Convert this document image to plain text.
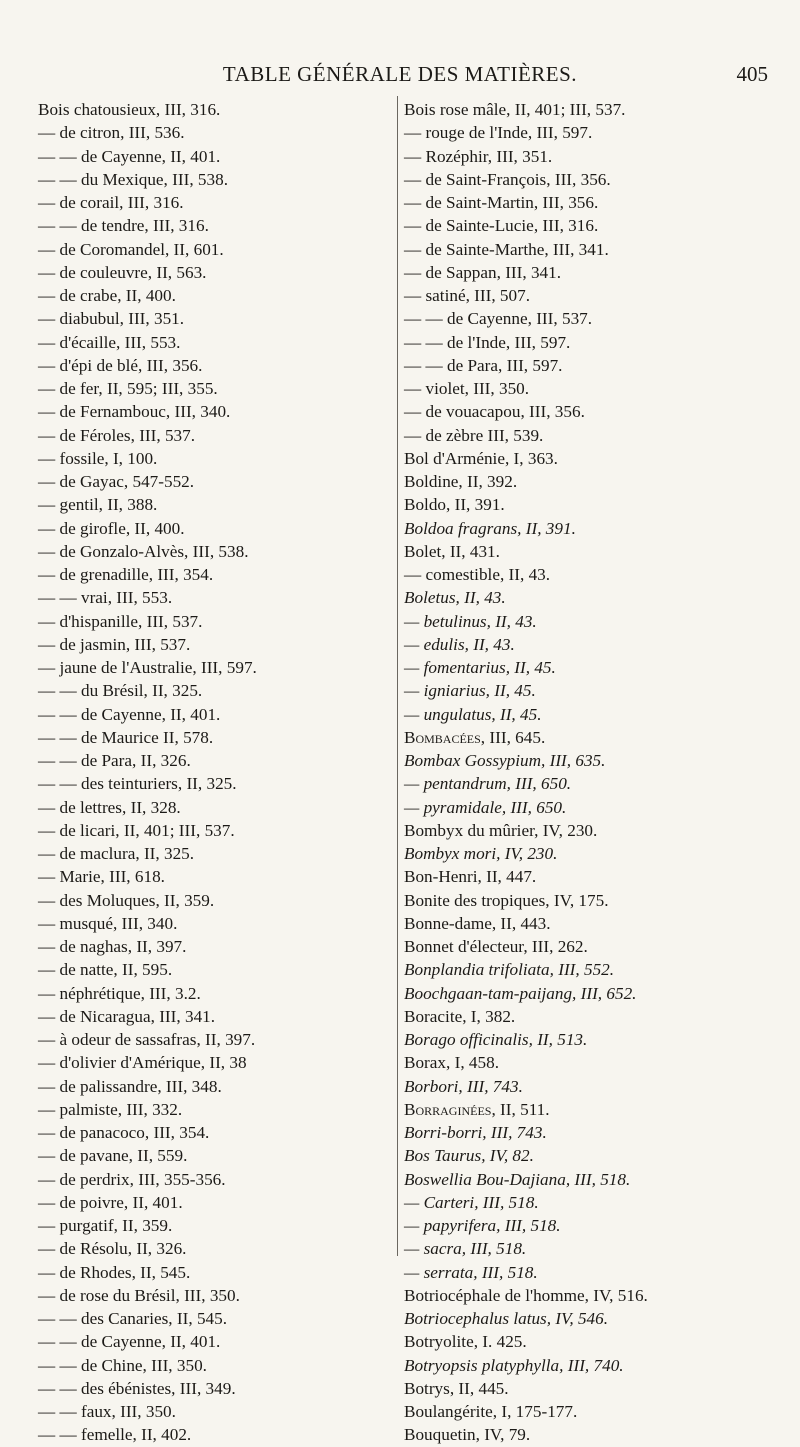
TABLE GÉNÉRALE DES MATIÈRES.	405
Bois chatousieux, III, 316.
— de citron, III, 536.
— — de Cayenne, II, 401.
— — du Mexique, III, 538.
— de corail, III, 316.
— — de tendre, III, 316.
— de Coromandel, II, 601.
— de couleuvre, II, 563.
— de crabe, II, 400.
— diabubul, III, 351.
— d'écaille, III, 553.
— d'épi de blé, III, 356.
— de fer, II, 595; III, 355.
— de Fernambouc, III, 340.
— de Féroles, III, 537.
— fossile, I, 100.
— de Gayac, 547-552.
— gentil, II, 388.
— de girofle, II, 400.
— de Gonzalo-Alvès, III, 538.
— de grenadille, III, 354.
— — vrai, III, 553.
— d'hispanille, III, 537.
— de jasmin, III, 537.
— jaune de l'Australie, III, 597.
— — du Brésil, II, 325.
— — de Cayenne, II, 401.
— — de Maurice II, 578.
— — de Para, II, 326.
— — des teinturiers, II, 325.
— de lettres, II, 328.
— de licari, II, 401; III, 537.
— de maclura, II, 325.
— Marie, III, 618.
— des Moluques, II, 359.
— musqué, III, 340.
— de naghas, II, 397.
— de natte, II, 595.
— néphrétique, III, 3.2.
— de Nicaragua, III, 341.
— à odeur de sassafras, II, 397.
— d'olivier d'Amérique, II, 38
— de palissandre, III, 348.
— palmiste, III, 332.
— de panacoco, III, 354.
— de pavane, II, 559.
— de perdrix, III, 355-356.
— de poivre, II, 401.
— purgatif, II, 359.
— de Résolu, II, 326.
— de Rhodes, II, 545.
— de rose du Brésil, III, 350.
— — des Canaries, II, 545.
— — de Cayenne, II, 401.
— — de Chine, III, 350.
— — des ébénistes, III, 349.
— — faux, III, 350.
— — femelle, II, 402.
Bois rose mâle, II, 401; III, 537.
— rouge de l'Inde, III, 597.
— Rozéphir, III, 351.
— de Saint-François, III, 356.
— de Saint-Martin, III, 356.
— de Sainte-Lucie, III, 316.
— de Sainte-Marthe, III, 341.
— de Sappan, III, 341.
— satiné, III, 507.
— — de Cayenne, III, 537.
— — de l'Inde, III, 597.
— — de Para, III, 597.
— violet, III, 350.
— de vouacapou, III, 356.
— de zèbre III, 539.
Bol d'Arménie, I, 363.
Boldine, II, 392.
Boldo, II, 391.
Boldoa fragrans, II, 391.
Bolet, II, 431.
— comestible, II, 43.
Boletus, II, 43.
— betulinus, II, 43.
— edulis, II, 43.
— fomentarius, II, 45.
— igniarius, II, 45.
— ungulatus, II, 45.
Bombacées, III, 645.
Bombax Gossypium, III, 635.
— pentandrum, III, 650.
— pyramidale, III, 650.
Bombyx du mûrier, IV, 230.
Bombyx mori, IV, 230.
Bon-Henri, II, 447.
Bonite des tropiques, IV, 175.
Bonne-dame, II, 443.
Bonnet d'électeur, III, 262.
Bonplandia trifoliata, III, 552.
Boochgaan-tam-paijang, III, 652.
Boracite, I, 382.
Borago officinalis, II, 513.
Borax, I, 458.
Borbori, III, 743.
Borraginées, II, 511.
Borri-borri, III, 743.
Bos Taurus, IV, 82.
Boswellia Bou-Dajiana, III, 518.
— Carteri, III, 518.
— papyrifera, III, 518.
— sacra, III, 518.
— serrata, III, 518.
Botriocéphale de l'homme, IV, 516.
Botriocephalus latus, IV, 546.
Botryolite, I. 425.
Botryopsis platyphylla, III, 740.
Botrys, II, 445.
Boulangérite, I, 175-177.
Bouquetin, IV, 79.
